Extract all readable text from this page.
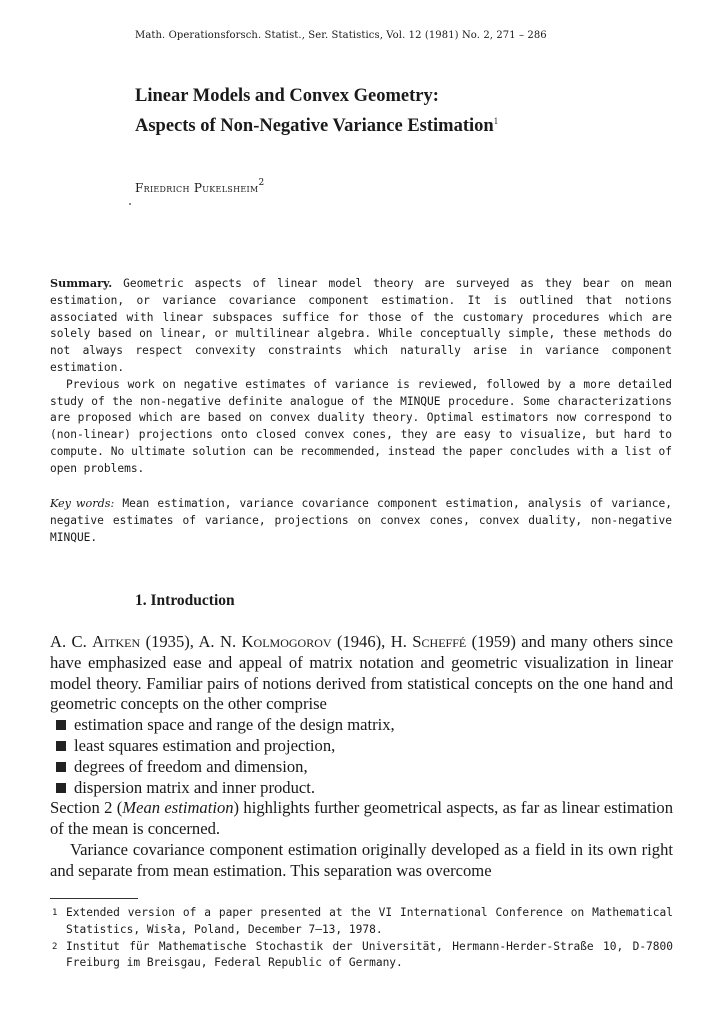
Math. Operationsforsch. Statist., Ser. Statistics, Vol. 12 (1981) No. 2, 271 – 286
Linear Models and Convex Geometry:
Aspects of Non-Negative Variance Estimation$^1$
Friedrich Pukelsheim$^2$

Summary. Geometric aspects of linear model theory are surveyed as they bear on mean estimation, or variance covariance component estimation. It is outlined that notions associated with linear subspaces suffice for those of the customary procedures which are solely based on linear, or multilinear algebra. While conceptually simple, these methods do not always respect convexity constraints which naturally arise in variance component estimation.

Previous work on negative estimates of variance is reviewed, followed by a more detailed study of the non-negative definite analogue of the MINQUE procedure. Some characterizations are proposed which are based on convex duality theory. Optimal estimators now correspond to (non-linear) projections onto closed convex cones, they are easy to visualize, but hard to compute. No ultimate solution can be recommended, instead the paper concludes with a list of open problems.

Key words: Mean estimation, variance covariance component estimation, analysis of variance, negative estimates of variance, projections on convex cones, convex duality, non-negative MINQUE.

1. Introduction

A. C. Aitken (1935), A. N. Kolmogorov (1946), H. Scheffé (1959) and many others since have emphasized ease and appeal of matrix notation and geometric visualization in linear model theory. Familiar pairs of notions derived from statistical concepts on the one hand and geometric concepts on the other comprise

estimation space and range of the design matrix,
least squares estimation and projection,
degrees of freedom and dimension,
dispersion matrix and inner product.

Section 2 (Mean estimation) highlights further geometrical aspects, as far as linear estimation of the mean is concerned.

Variance covariance component estimation originally developed as a field in its own right and separate from mean estimation. This separation was overcome

1 Extended version of a paper presented at the VI International Conference on Mathematical Statistics, Wisła, Poland, December 7–13, 1978.

2 Institut für Mathematische Stochastik der Universität, Hermann-Herder-Straße 10, D-7800 Freiburg im Breisgau, Federal Republic of Germany.
